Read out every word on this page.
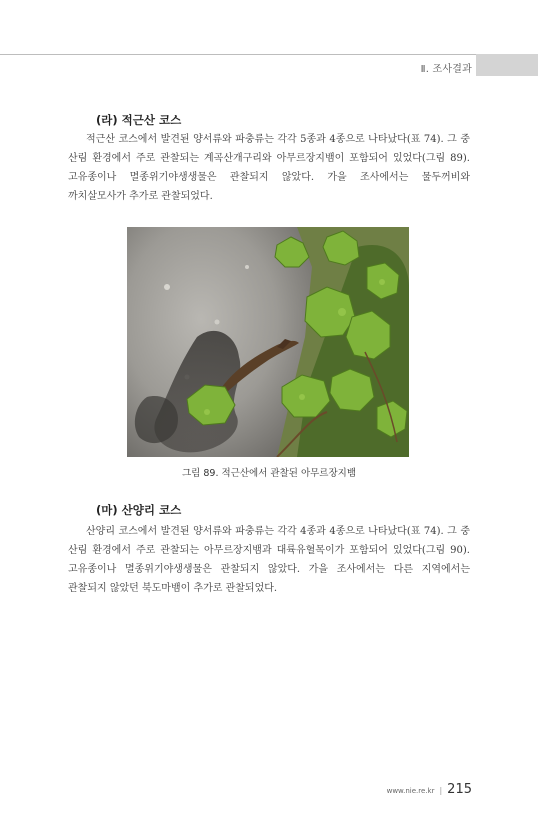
Ⅱ. 조사결과
(라) 적근산 코스

적근산 코스에서 발견된 양서류와 파충류는 각각 5종과 4종으로 나타났다(표 74). 그 중 산림 환경에서 주로 관찰되는 계곡산개구리와 아무르장지뱀이 포함되어 있었다(그림 89). 고유종이나 멸종위기야생생물은 관찰되지 않았다. 가을 조사에서는 물두꺼비와 까치살모사가 추가로 관찰되었다.

그림 89. 적근산에서 관찰된 아무르장지뱀
(마) 산양리 코스

산양리 코스에서 발견된 양서류와 파충류는 각각 4종과 4종으로 나타났다(표 74). 그 중 산림 환경에서 주로 관찰되는 아무르장지뱀과 대륙유혈목이가 포함되어 있었다(그림 90). 고유종이나 멸종위기야생생물은 관찰되지 않았다. 가을 조사에서는 다른 지역에서는 관찰되지 않았던 북도마뱀이 추가로 관찰되었다.

www.nie.re.kr | 215
